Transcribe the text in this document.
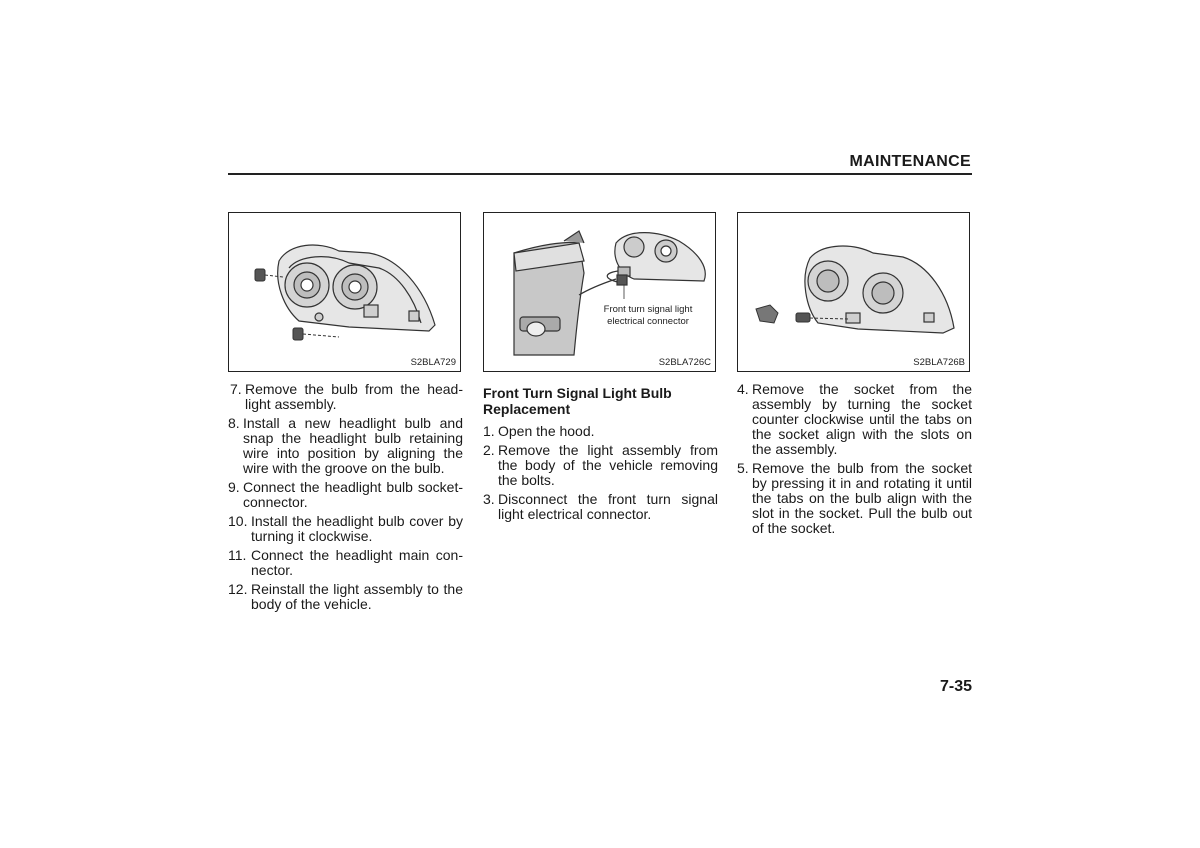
MAINTENANCE
S2BLA729
Front turn signal light electrical connector
S2BLA726C	S2BLA726B
7. Remove the bulb from the head-light assembly.
8. Install a new headlight bulb and snap the headlight bulb retaining wire into position by aligning the wire with the groove on the bulb.
9. Connect the headlight bulb socket-connector.
10. Install the headlight bulb cover by turning it clockwise.
11. Connect the headlight main con-nector.
12. Reinstall the light assembly to the body of the vehicle.
Front Turn Signal Light Bulb Replacement
1. Open the hood.
2. Remove the light assembly from the body of the vehicle removing the bolts.
3. Disconnect the front turn signal light electrical connector.
4. Remove the socket from the assembly by turning the socket counter clockwise until the tabs on the socket align with the slots on the assembly.
5. Remove the bulb from the socket by pressing it in and rotating it until the tabs on the bulb align with the slot in the socket. Pull the bulb out of the socket.
7-35
